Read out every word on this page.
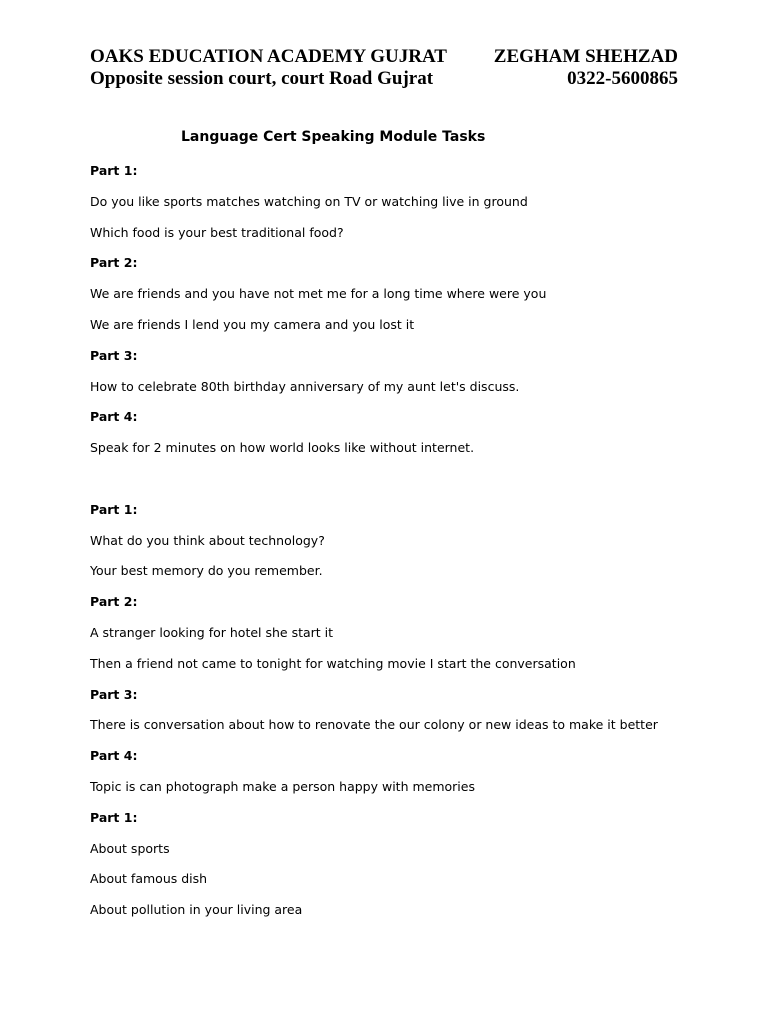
OAKS EDUCATION ACADEMY GUJRAT ZEGHAM SHEHZAD
Opposite session court, court Road Gujrat	0322-5600865
Language Cert Speaking Module Tasks
Part 1:
Do you like sports matches watching on TV or watching live in ground
Which food is your best traditional food?
Part 2:
We are friends and you have not met me for a long time where were you
We are friends I lend you my camera and you lost it
Part 3:
How to celebrate 80th birthday anniversary of my aunt let's discuss.
Part 4:
Speak for 2 minutes on how world looks like without internet.
Part 1:
What do you think about technology?
Your best memory do you remember.
Part 2:
A stranger looking for hotel she start it
Then a friend not came to tonight for watching movie I start the conversation
Part 3:
There is conversation about how to renovate the our colony or new ideas to make it better
Part 4:
Topic is can photograph make a person happy with memories
Part 1:
About sports
About famous dish
About pollution in your living area
